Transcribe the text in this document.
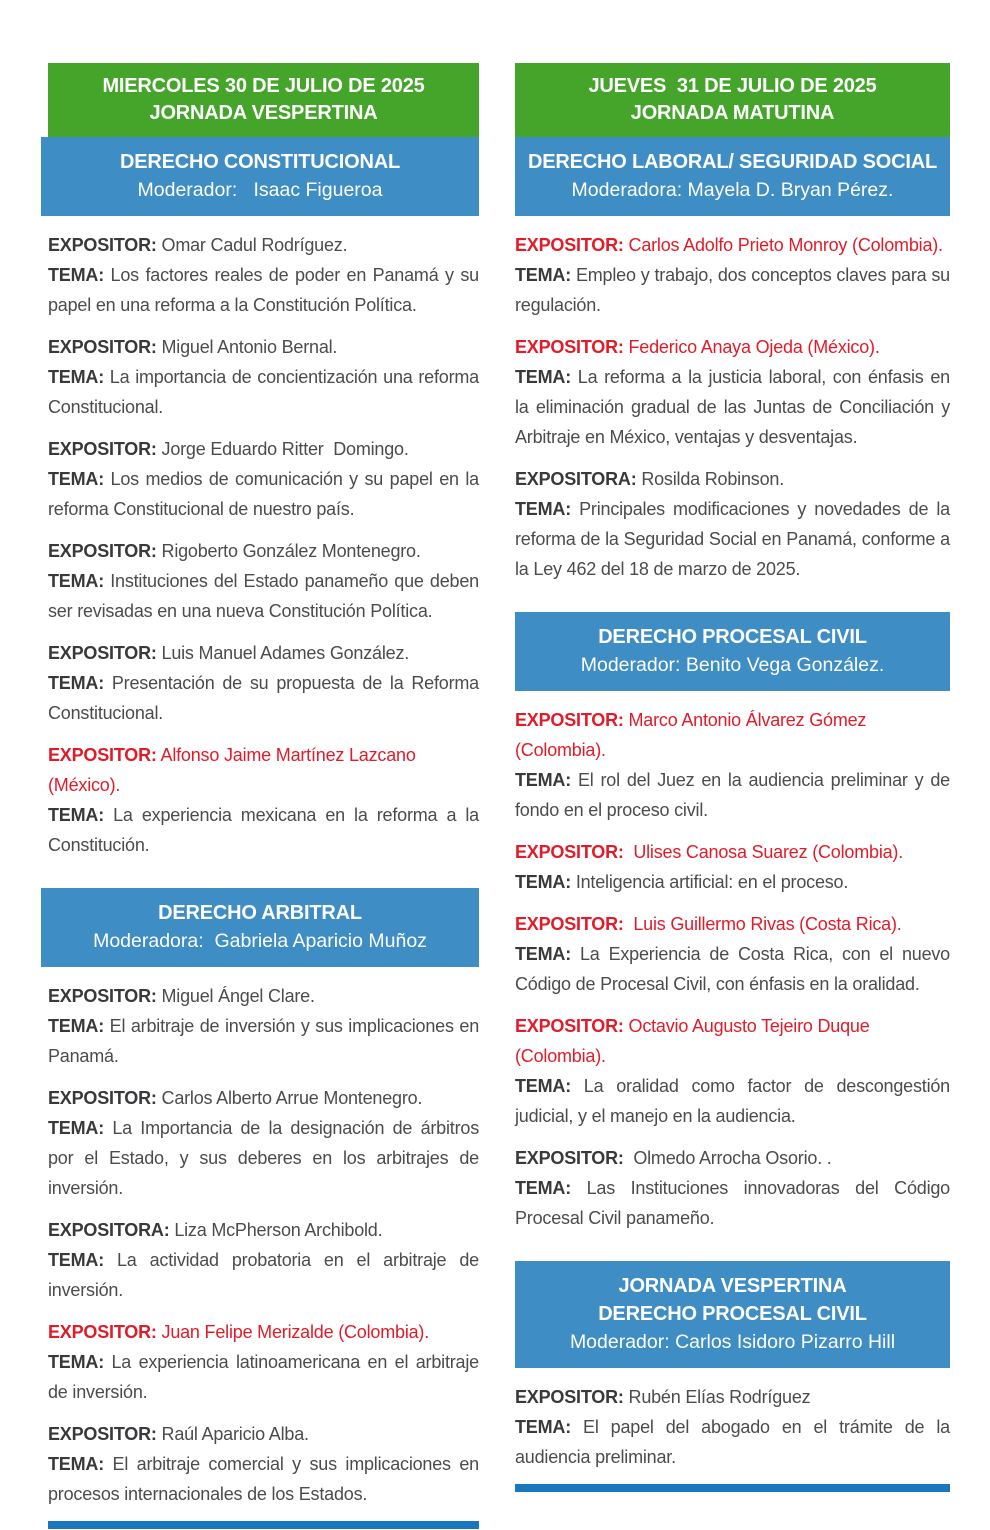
MIERCOLES 30 DE JULIO DE 2025
JORNADA VESPERTINA
DERECHO CONSTITUCIONAL
Moderador:   Isaac Figueroa
EXPOSITOR: Omar Cadul Rodríguez.
TEMA: Los factores reales de poder en Panamá y su papel en una reforma a la Constitución Política.
EXPOSITOR: Miguel Antonio Bernal.
TEMA: La importancia de concientización una reforma Constitucional.
EXPOSITOR: Jorge Eduardo Ritter  Domingo.
TEMA: Los medios de comunicación y su papel en la reforma Constitucional de nuestro país.
EXPOSITOR: Rigoberto González Montenegro.
TEMA: Instituciones del Estado panameño que deben ser revisadas en una nueva Constitución Política.
EXPOSITOR: Luis Manuel Adames González.
TEMA: Presentación de su propuesta de la Reforma Constitucional.
EXPOSITOR: Alfonso Jaime Martínez Lazcano (México).
TEMA: La experiencia mexicana en la reforma a la Constitución.
DERECHO ARBITRAL
Moderadora:  Gabriela Aparicio Muñoz
EXPOSITOR: Miguel Ángel Clare.
TEMA: El arbitraje de inversión y sus implicaciones en Panamá.
EXPOSITOR: Carlos Alberto Arrue Montenegro.
TEMA: La Importancia de la designación de árbitros por el Estado, y sus deberes en los arbitrajes de inversión.
EXPOSITORA: Liza McPherson Archibold.
TEMA: La actividad probatoria en el arbitraje de inversión.
EXPOSITOR: Juan Felipe Merizalde (Colombia).
TEMA: La experiencia latinoamericana en el arbitraje de inversión.
EXPOSITOR: Raúl Aparicio Alba.
TEMA: El arbitraje comercial y sus implicaciones en procesos internacionales de los Estados.
JUEVES  31 DE JULIO DE 2025
JORNADA MATUTINA
DERECHO LABORAL/ SEGURIDAD SOCIAL
Moderadora: Mayela D. Bryan Pérez.
EXPOSITOR: Carlos Adolfo Prieto Monroy (Colombia).
TEMA: Empleo y trabajo, dos conceptos claves para su regulación.
EXPOSITOR: Federico Anaya Ojeda (México).
TEMA: La reforma a la justicia laboral, con énfasis en la eliminación gradual de las Juntas de Conciliación y Arbitraje en México, ventajas y desventajas.
EXPOSITORA: Rosilda Robinson.
TEMA: Principales modificaciones y novedades de la reforma de la Seguridad Social en Panamá, conforme a la Ley 462 del 18 de marzo de 2025.
DERECHO PROCESAL CIVIL
Moderador: Benito Vega González.
EXPOSITOR: Marco Antonio Álvarez Gómez (Colombia).
TEMA: El rol del Juez en la audiencia preliminar y de fondo en el proceso civil.
EXPOSITOR:  Ulises Canosa Suarez (Colombia).
TEMA: Inteligencia artificial: en el proceso.
EXPOSITOR:  Luis Guillermo Rivas (Costa Rica).
TEMA: La Experiencia de Costa Rica, con el nuevo Código de Procesal Civil, con énfasis en la oralidad.
EXPOSITOR: Octavio Augusto Tejeiro Duque (Colombia).
TEMA: La oralidad como factor de descongestión judicial, y el manejo en la audiencia.
EXPOSITOR:  Olmedo Arrocha Osorio. .
TEMA: Las Instituciones innovadoras del Código Procesal Civil panameño.
JORNADA VESPERTINA
DERECHO PROCESAL CIVIL
Moderador: Carlos Isidoro Pizarro Hill
EXPOSITOR: Rubén Elías Rodríguez
TEMA: El papel del abogado en el trámite de la audiencia preliminar.
